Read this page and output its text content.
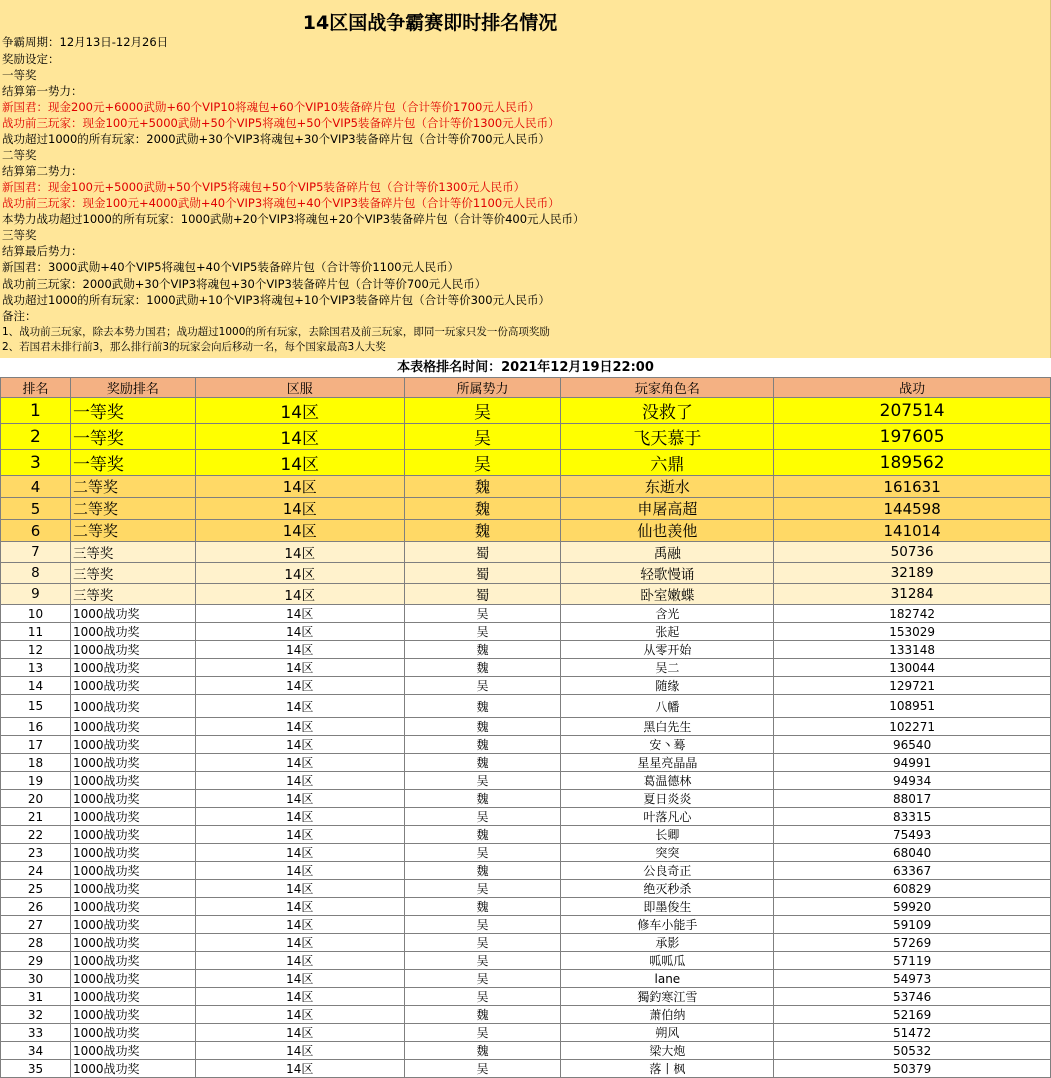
14区国战争霸赛即时排名情况
争霸周期：12月13日-12月26日
奖励设定：
一等奖
结算第一势力：
新国君：现金200元+6000武勋+60个VIP10将魂包+60个VIP10装备碎片包（合计等价1700元人民币）
战功前三玩家：现金100元+5000武勋+50个VIP5将魂包+50个VIP5装备碎片包（合计等价1300元人民币）
战功超过1000的所有玩家：2000武勋+30个VIP3将魂包+30个VIP3装备碎片包（合计等价700元人民币）
二等奖
结算第二势力：
新国君：现金100元+5000武勋+50个VIP5将魂包+50个VIP5装备碎片包（合计等价1300元人民币）
战功前三玩家：现金100元+4000武勋+40个VIP3将魂包+40个VIP3装备碎片包（合计等价1100元人民币）
本势力战功超过1000的所有玩家：1000武勋+20个VIP3将魂包+20个VIP3装备碎片包（合计等价400元人民币）
三等奖
结算最后势力：
新国君：3000武勋+40个VIP5将魂包+40个VIP5装备碎片包（合计等价1100元人民币）
战功前三玩家：2000武勋+30个VIP3将魂包+30个VIP3装备碎片包（合计等价700元人民币）
战功超过1000的所有玩家：1000武勋+10个VIP3将魂包+10个VIP3装备碎片包（合计等价300元人民币）
备注：
1、战功前三玩家，除去本势力国君；战功超过1000的所有玩家，去除国君及前三玩家，即同一玩家只发一份高项奖励
2、若国君未排行前3，那么排行前3的玩家会向后移动一名，每个国家最高3人大奖
本表格排名时间：2021年12月19日22:00
排名	奖励排名	区服	所属势力	玩家角色名	战功
1	一等奖	14区	吴	没救了	207514
2	一等奖	14区	吴	飞天慕于	197605
3	一等奖	14区	吴	六鼎	189562
4	二等奖	14区	魏	东逝水	161631
5	二等奖	14区	魏	申屠高超	144598
6	二等奖	14区	魏	仙也羡他	141014
7	三等奖	14区	蜀	禹融	50736
8	三等奖	14区	蜀	轻歌慢诵	32189
9	三等奖	14区	蜀	卧室嫩蝶	31284
10	1000战功奖	14区	吴	含光	182742
11	1000战功奖	14区	吴	张起	153029
12	1000战功奖	14区	魏	从零开始	133148
13	1000战功奖	14区	魏	吴二	130044
14	1000战功奖	14区	吴	随缘	129721
15	1000战功奖	14区	魏	八幡	108951
16	1000战功奖	14区	魏	黑白先生	102271
17	1000战功奖	14区	魏	安丶蓦	96540
18	1000战功奖	14区	魏	星星亮晶晶	94991
19	1000战功奖	14区	吴	葛温德林	94934
20	1000战功奖	14区	魏	夏日炎炎	88017
21	1000战功奖	14区	吴	叶落凡心	83315
22	1000战功奖	14区	魏	长卿	75493
23	1000战功奖	14区	吴	突突	68040
24	1000战功奖	14区	魏	公良奇正	63367
25	1000战功奖	14区	吴	绝灭秒杀	60829
26	1000战功奖	14区	魏	即墨俊生	59920
27	1000战功奖	14区	吴	修车小能手	59109
28	1000战功奖	14区	吴	承影	57269
29	1000战功奖	14区	吴	呱呱瓜	57119
30	1000战功奖	14区	吴	lane	54973
31	1000战功奖	14区	吴	獨釣寒江雪	53746
32	1000战功奖	14区	魏	萧伯纳	52169
33	1000战功奖	14区	吴	朔风	51472
34	1000战功奖	14区	魏	梁大炮	50532
35	1000战功奖	14区	吴	落丨枫	50379
